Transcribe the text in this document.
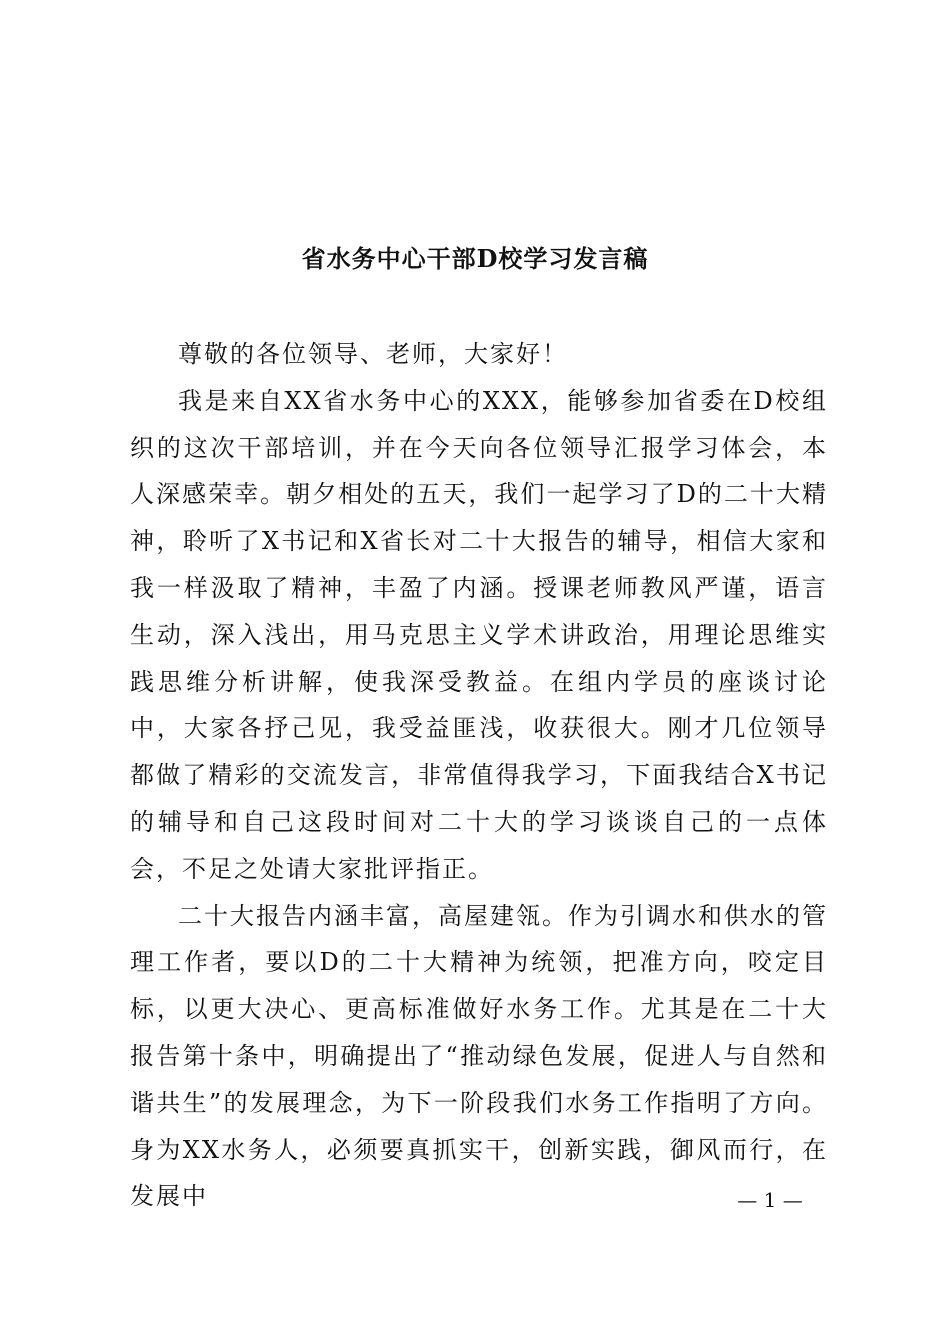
省水务中心干部D校学习发言稿

尊敬的各位领导、老师，大家好！

我是来自XX省水务中心的XXX，能够参加省委在D校组织的这次干部培训，并在今天向各位领导汇报学习体会，本人深感荣幸。朝夕相处的五天，我们一起学习了D的二十大精神，聆听了X书记和X省长对二十大报告的辅导，相信大家和我一样汲取了精神，丰盈了内涵。授课老师教风严谨，语言生动，深入浅出，用马克思主义学术讲政治，用理论思维实践思维分析讲解，使我深受教益。在组内学员的座谈讨论中，大家各抒己见，我受益匪浅，收获很大。刚才几位领导都做了精彩的交流发言，非常值得我学习，下面我结合X书记的辅导和自己这段时间对二十大的学习谈谈自己的一点体会，不足之处请大家批评指正。

二十大报告内涵丰富，高屋建瓴。作为引调水和供水的管理工作者，要以D的二十大精神为统领，把准方向，咬定目标，以更大决心、更高标准做好水务工作。尤其是在二十大报告第十条中，明确提出了“推动绿色发展，促进人与自然和谐共生”的发展理念，为下一阶段我们水务工作指明了方向。身为XX水务人，必须要真抓实干，创新实践，御风而行，在发展中	— 1 —
